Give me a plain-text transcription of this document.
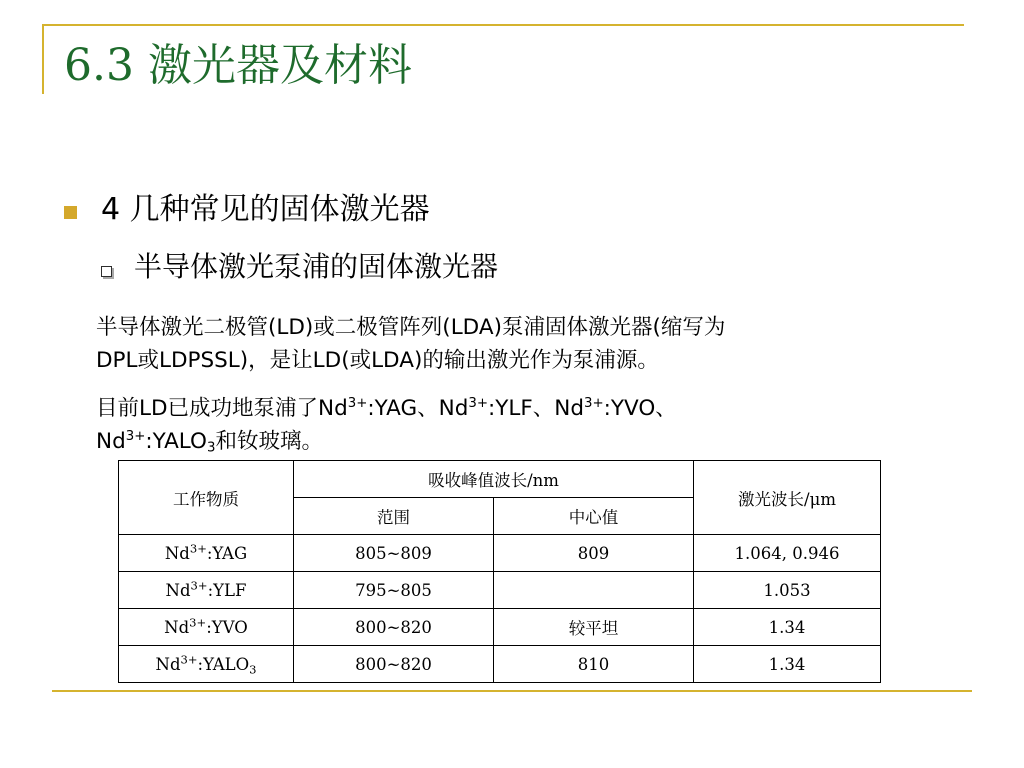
6.3 激光器及材料
4 几种常见的固体激光器
半导体激光泵浦的固体激光器
半导体激光二极管(LD)或二极管阵列(LDA)泵浦固体激光器(缩写为
DPL或LDPSSL)，是让LD(或LDA)的输出激光作为泵浦源。
目前LD已成功地泵浦了$Nd^{3+}:YAG$、$Nd^{3+}:YLF$、$Nd^{3+}:YVO$、
$Nd^{3+}:YALO_3$和钕玻璃。
工作物质	吸收峰值波长/nm		激光波长/μm
	范围	中心值	
$Nd^{3+}:YAG$	805~809	809	1.064, 0.946
$Nd^{3+}:YLF$	795~805		1.053
$Nd^{3+}:YVO$	800~820	较平坦	1.34
$Nd^{3+}:YALO_3$	800~820	810	1.34
